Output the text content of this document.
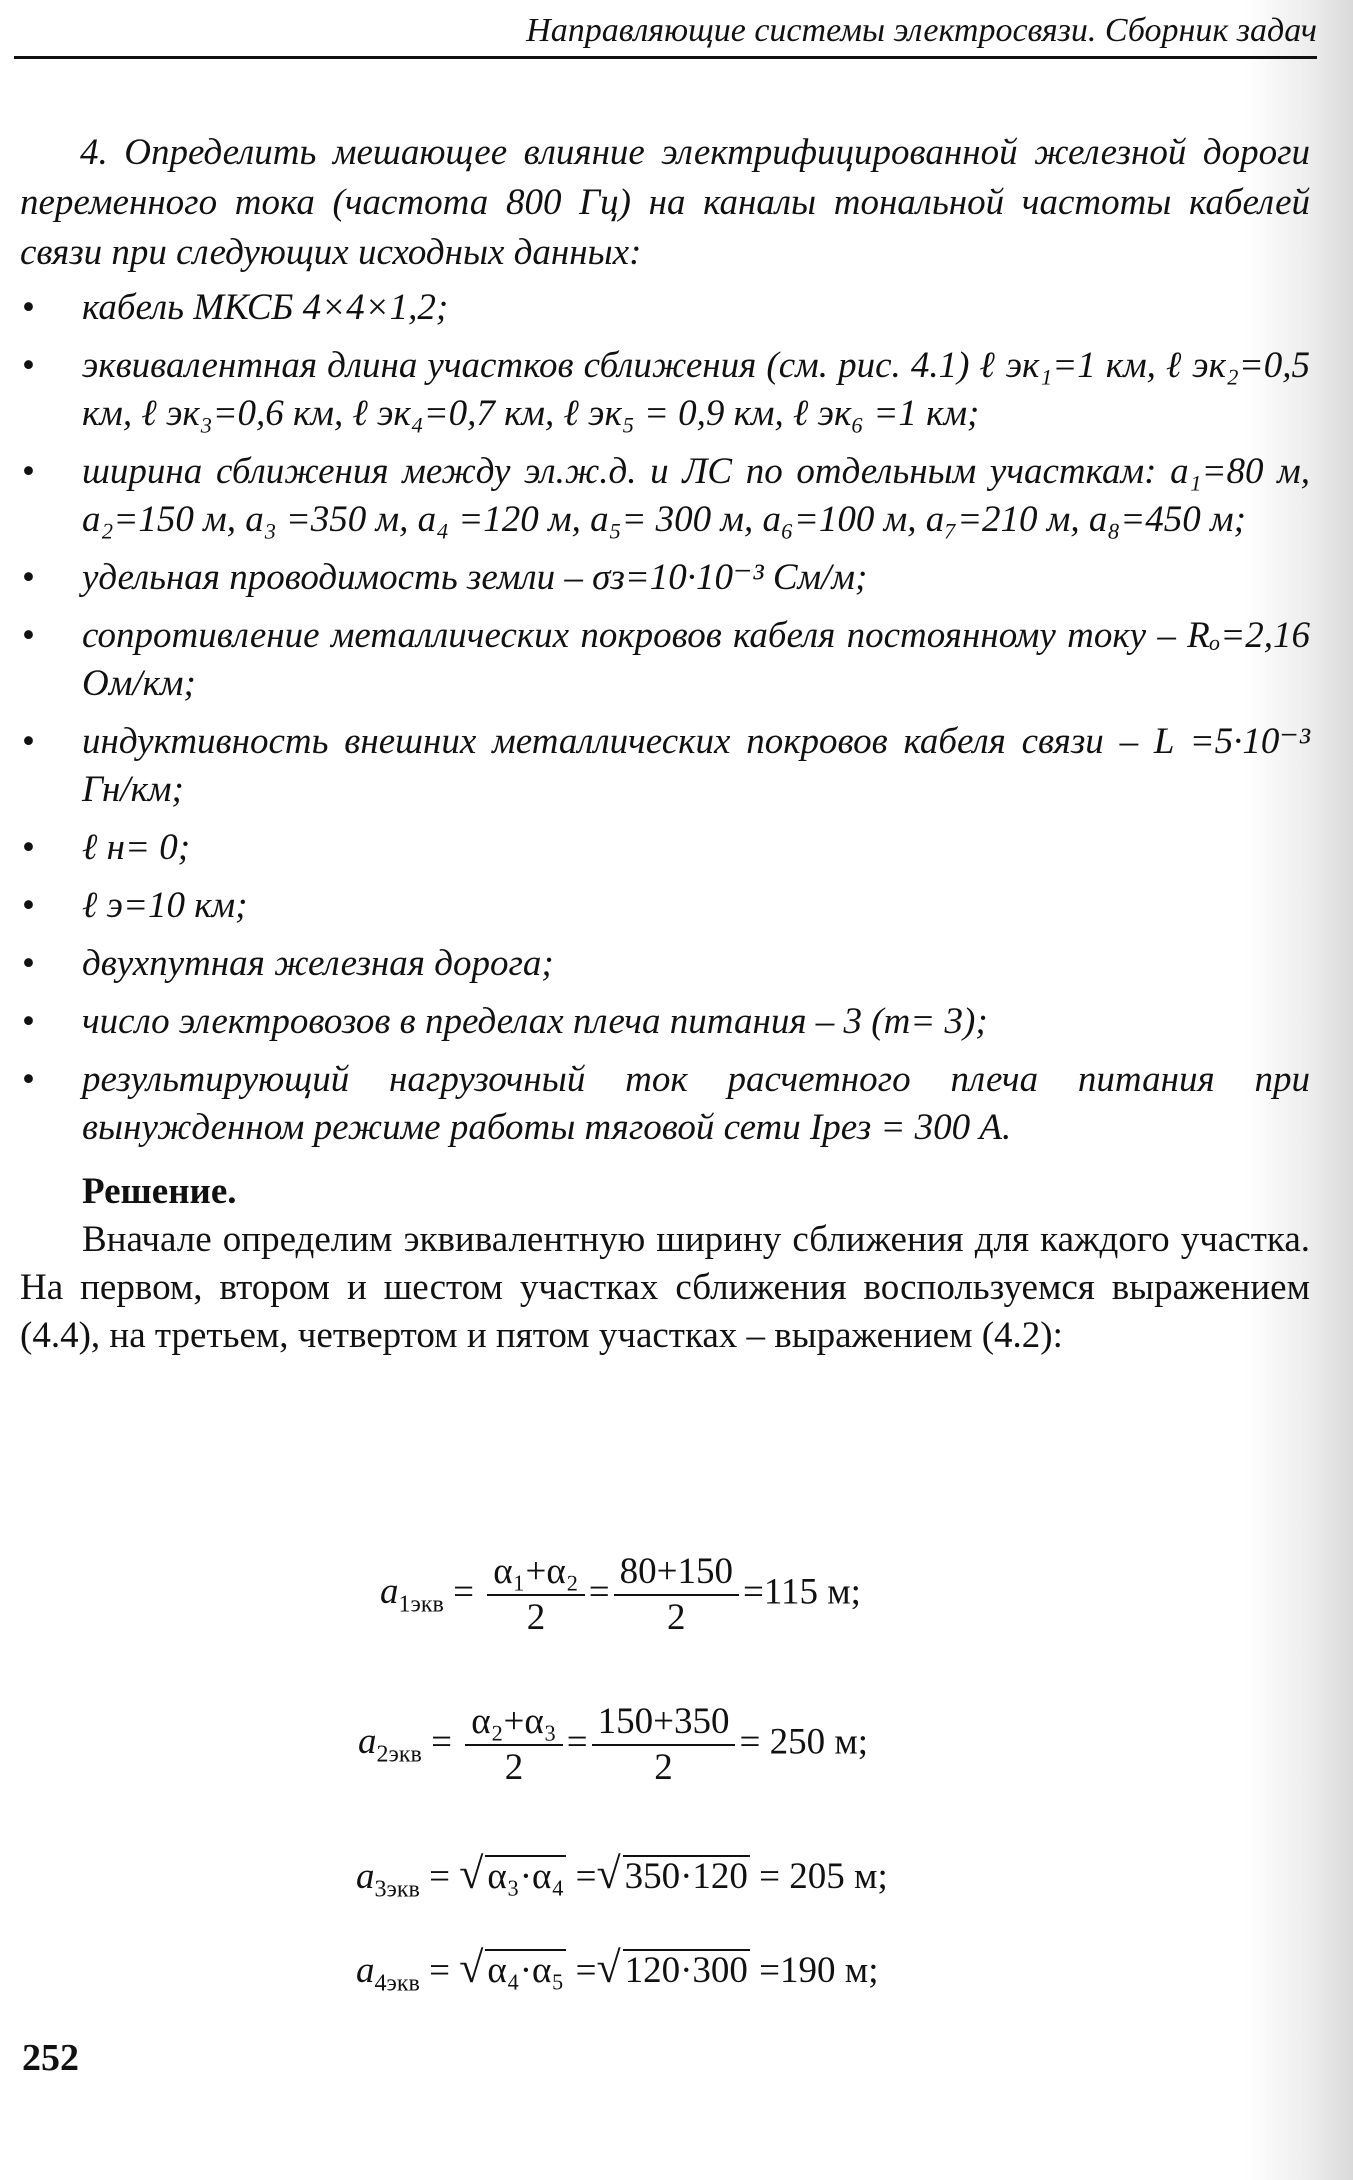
Направляющие системы электросвязи. Сборник задач

4. Определить мешающее влияние электрифицированной железной дороги переменного тока (частота 800 Гц) на каналы тональной частоты кабелей связи при следующих исходных данных:

• кабель МКСБ 4×4×1,2;
• эквивалентная длина участков сближения (см. рис. 4.1) ℓ эк₁=1 км, ℓ эк₂=0,5 км, ℓ эк₃=0,6 км, ℓ эк₄=0,7 км, ℓ эк₅ = 0,9 км, ℓ эк₆ =1 км;
• ширина сближения между эл.ж.д. и ЛС по отдельным участкам: a₁=80 м, a₂=150 м, a₃ =350 м, a₄ =120 м, a₅= 300 м, a₆=100 м, a₇=210 м, a₈=450 м;
• удельная проводимость земли – σз=10·10⁻³ См/м;
• сопротивление металлических покровов кабеля постоянному току – Rₒ=2,16 Ом/км;
• индуктивность внешних металлических покровов кабеля связи – L =5·10⁻³ Гн/км;
• ℓ н= 0;
• ℓ э=10 км;
• двухпутная железная дорога;
• число электровозов в пределах плеча питания – 3 (m= 3);
• результирующий нагрузочный ток расчетного плеча питания при вынужденном режиме работы тяговой сети Iрез = 300 А.
Решение.

Вначале определим эквивалентную ширину сближения для каждого участка. На первом, втором и шестом участках сближения воспользуемся выражением (4.4), на третьем, четвертом и пятом участках – выражением (4.2):

$a_{1экв} = \frac{\text{α₁+α₂}}{2} = \frac{80+150}{2} =115$ м;
$a_{2экв} = \frac{\text{α₂+α₃}}{2} = \frac{150+350}{2} = 250$ м;
$a_{3экв}$ = √ α₃·α₄ =√ 350·120 = 205 м;
$a_{4экв}$ = √ α₄·α₅ =√ 120·300 =190 м;
252
